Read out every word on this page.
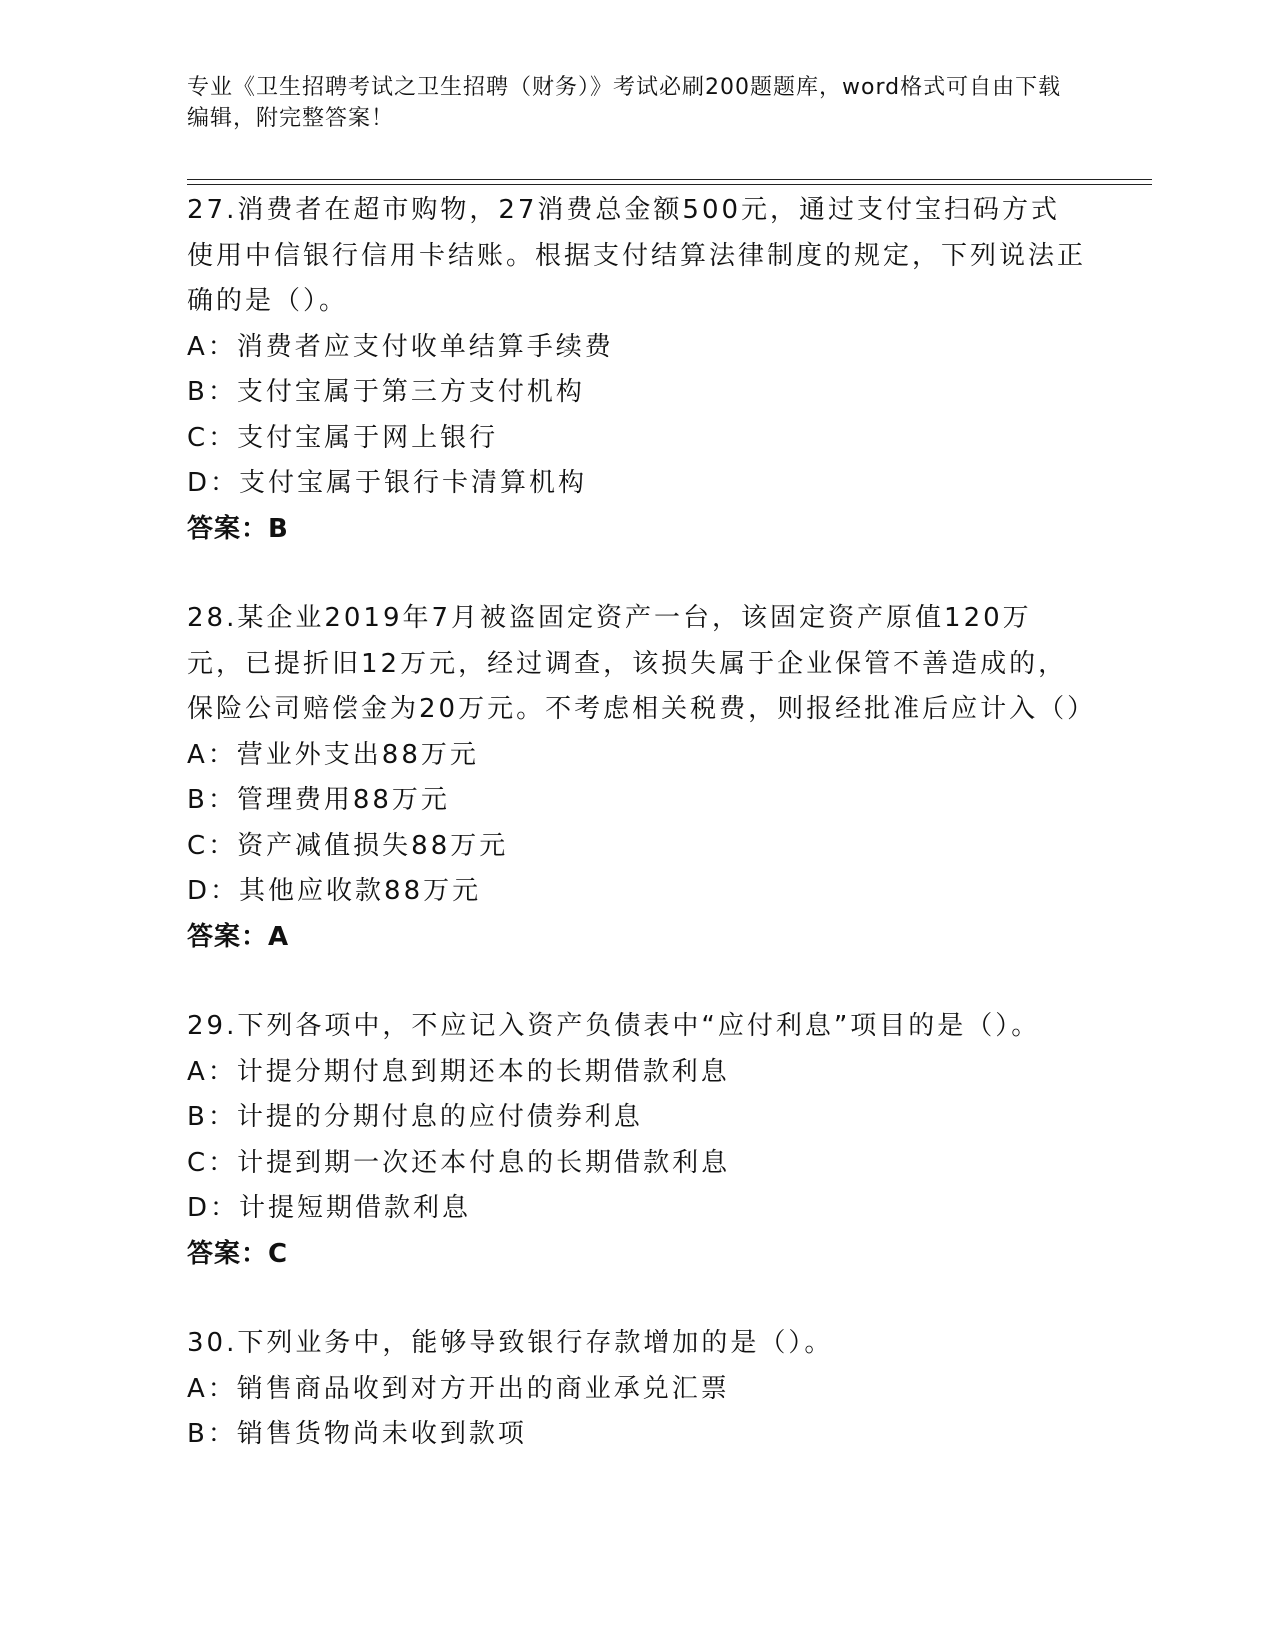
专业《卫生招聘考试之卫生招聘（财务）》考试必刷200题题库，word格式可自由下载编辑，附完整答案！

27.消费者在超市购物，27消费总金额500元，通过支付宝扫码方式使用中信银行信用卡结账。根据支付结算法律制度的规定，下列说法正确的是（）。

A：消费者应支付收单结算手续费

B：支付宝属于第三方支付机构

C：支付宝属于网上银行

D：支付宝属于银行卡清算机构

答案：B

28.某企业2019年7月被盗固定资产一台，该固定资产原值120万元，已提折旧12万元，经过调查，该损失属于企业保管不善造成的，保险公司赔偿金为20万元。不考虑相关税费，则报经批准后应计入（）

A：营业外支出88万元

B：管理费用88万元

C：资产减值损失88万元

D：其他应收款88万元

答案：A

29.下列各项中，不应记入资产负债表中“应付利息”项目的是（）。

A：计提分期付息到期还本的长期借款利息

B：计提的分期付息的应付债券利息

C：计提到期一次还本付息的长期借款利息

D：计提短期借款利息

答案：C

30.下列业务中，能够导致银行存款增加的是（）。

A：销售商品收到对方开出的商业承兑汇票

B：销售货物尚未收到款项
